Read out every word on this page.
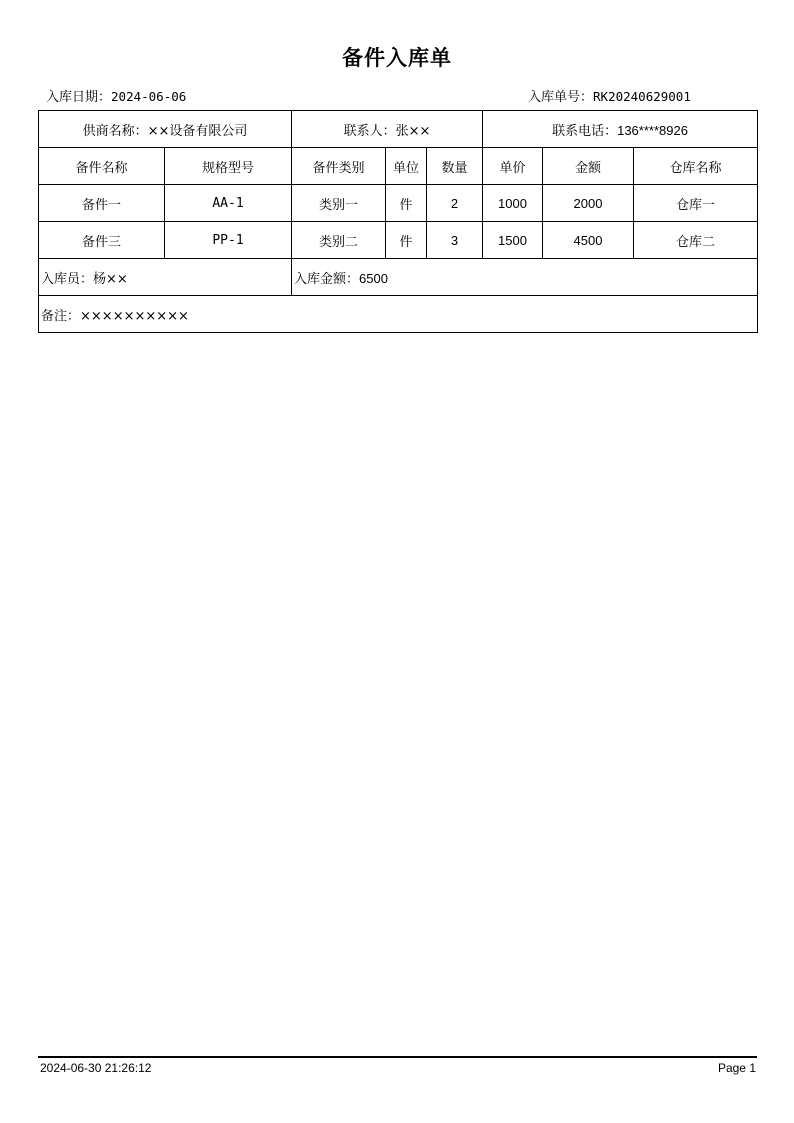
备件入库单
入库日期：2024-06-06	入库单号：RK20240629001
供商名称：××设备有限公司		联系人：张××			联系电话：136****8926		
备件名称	规格型号	备件类别	单位	数量	单价	金额	仓库名称
备件一	AA-1	类别一	件	2	1000	2000	仓库一
备件三	PP-1	类别二	件	3	1500	4500	仓库二
入库员：杨××		入库金额：6500					
备注：××××××××××							
2024-06-30 21:26:12	Page 1
